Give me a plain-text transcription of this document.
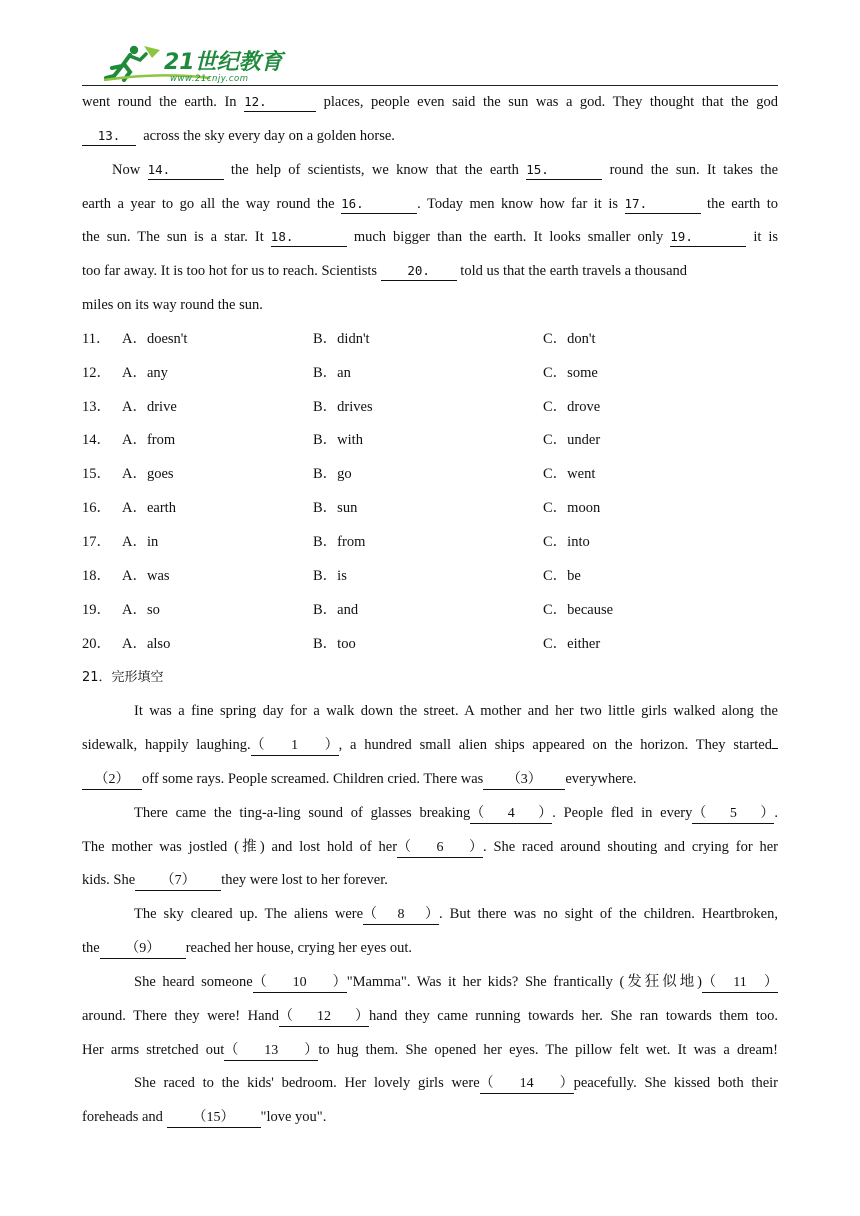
21世纪教育
www.21cnjy.com
went round the earth. In 12.	places, people even said the sun was a god. They thought that the god
13. across the sky every day on a golden horse.
Now 14.	the help of scientists, we know that the earth 15.	round the sun. It takes the
earth a year to go all the way round the 16.	. Today men know how far it is 17.	the earth to
the sun. The sun is a star. It 18.	much bigger than the earth. It looks smaller only 19.	it is
too far away. It is too hot for us to reach. Scientists 20. told us that the earth travels a thousand
miles on its way round the sun.
11． A．doesn't	B．didn't	C．don't
12． A．any	B．an	C．some
13． A．drive	B．drives	C．drove
14． A．from	B．with	C．under
15． A．goes	B．go	C．went
16． A．earth	B．sun	C．moon
17． A．in	B．from	C．into
18． A．was	B．is	C．be
19． A．so	B．and	C．because
20． A．also	B．too	C．either
21．完形填空
It was a fine spring day for a walk down the street. A mother and her two little girls walked along the
sidewalk, happily laughing.（1）, a hundred small alien ships appeared on the horizon. They started
（2） off some rays. People screamed. Children cried. There was （3） everywhere.
There came the ting-a-ling sound of glasses breaking（4）. People fled in every（5）.
The mother was jostled (推) and lost hold of her（6）. She raced around shouting and crying for her
kids. She （7） they were lost to her forever.
The sky cleared up. The aliens were（8）. But there was no sight of the children. Heartbroken,
the （9） reached her house, crying her eyes out.
She heard someone（10）"Mamma". Was it her kids? She frantically (发狂似地)（11）
around. There they were! Hand（12）hand they came running towards her. She ran towards them too.
Her arms stretched out（13）to hug them. She opened her eyes. The pillow felt wet. It was a dream!
She raced to the kids' bedroom. Her lovely girls were（14）peacefully. She kissed both their
foreheads and （15） "love you".
